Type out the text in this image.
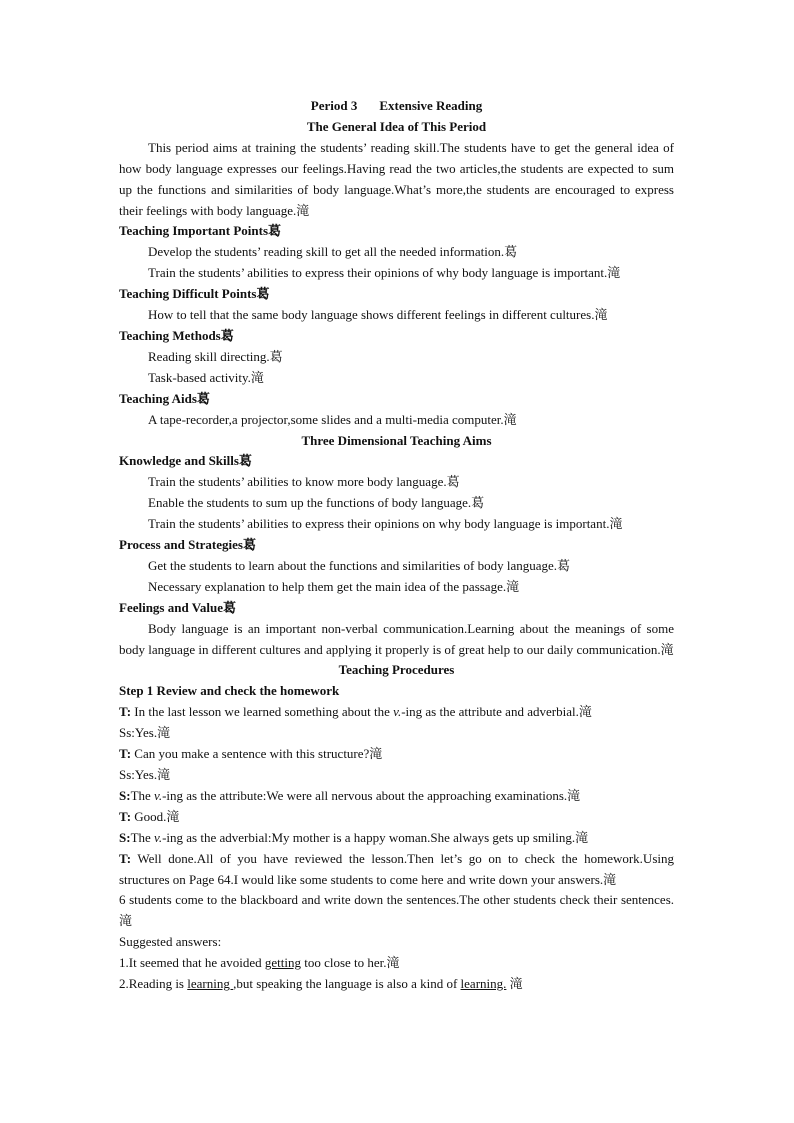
Period 3 Extensive Reading
The General Idea of This Period
This period aims at training the students’ reading skill.The students have to get the general idea of how body language expresses our feelings.Having read the two articles,the students are expected to sum up the functions and similarities of body language.What’s more,the students are encouraged to express their feelings with body language.滝
Teaching Important Points葛
Develop the students’ reading skill to get all the needed information.葛
Train the students’ abilities to express their opinions of why body language is important.滝
Teaching Difficult Points葛
How to tell that the same body language shows different feelings in different cultures.滝
Teaching Methods葛
Reading skill directing.葛
Task-based activity.滝
Teaching Aids葛
A tape-recorder,a projector,some slides and a multi-media computer.滝
Three Dimensional Teaching Aims
Knowledge and Skills葛
Train the students’ abilities to know more body language.葛
Enable the students to sum up the functions of body language.葛
Train the students’ abilities to express their opinions on why body language is important.滝
Process and Strategies葛
Get the students to learn about the functions and similarities of body language.葛
Necessary explanation to help them get the main idea of the passage.滝
Feelings and Value葛
Body language is an important non-verbal communication.Learning about the meanings of some body language in different cultures and applying it properly is of great help to our daily communication.滝
Teaching Procedures
Step 1 Review and check the homework
T: In the last lesson we learned something about the v.-ing as the attribute and adverbial.滝
Ss:Yes.滝
T: Can you make a sentence with this structure?滝
Ss:Yes.滝
S:The v.-ing as the attribute:We were all nervous about the approaching examinations.滝
T: Good.滝
S:The v.-ing as the adverbial:My mother is a happy woman.She always gets up smiling.滝
T: Well done.All of you have reviewed the lesson.Then let’s go on to check the homework.Using structures on Page 64.I would like some students to come here and write down your answers.滝
6 students come to the blackboard and write down the sentences.The other students check their sentences.滝
Suggested answers:
1.It seemed that he avoided getting too close to her.滝
2.Reading is learning ,but speaking the language is also a kind of learning. 滝
